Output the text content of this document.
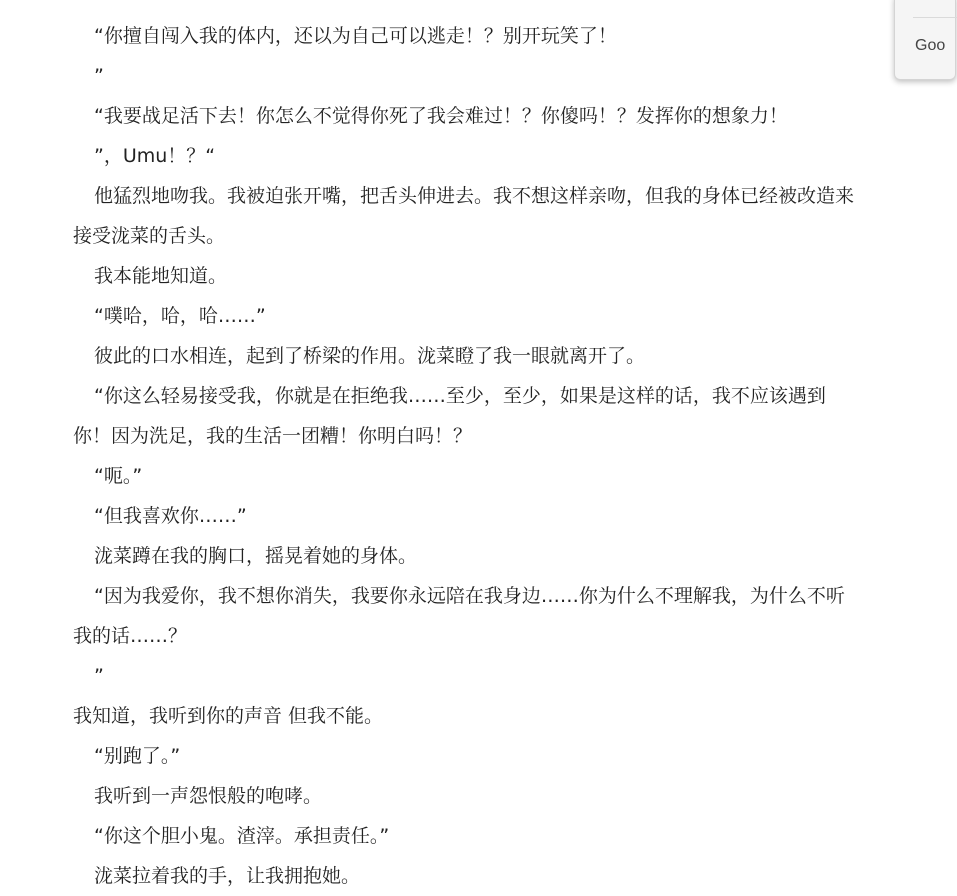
“你擅自闯入我的体内，还以为自己可以逃走！？别开玩笑了！

”

“我要战足活下去！你怎么不觉得你死了我会难过！？你傻吗！？发挥你的想象力！

”，Umu！？“

他猛烈地吻我。我被迫张开嘴，把舌头伸进去。我不想这样亲吻，但我的身体已经被改造来接受泷菜的舌头。

我本能地知道。

“噗哈，哈，哈……”

彼此的口水相连，起到了桥梁的作用。泷菜瞪了我一眼就离开了。

“你这么轻易接受我，你就是在拒绝我……至少，至少，如果是这样的话，我不应该遇到你！因为洗足，我的生活一团糟！你明白吗！？

“呃。”

“但我喜欢你……”

泷菜蹲在我的胸口，摇晃着她的身体。

“因为我爱你，我不想你消失，我要你永远陪在我身边……你为什么不理解我，为什么不听我的话……？

”

我知道，我听到你的声音 但我不能。

“别跑了。”

我听到一声怨恨般的咆哮。

“你这个胆小鬼。渣滓。承担责任。”

泷菜拉着我的手，让我拥抱她。

Goo
